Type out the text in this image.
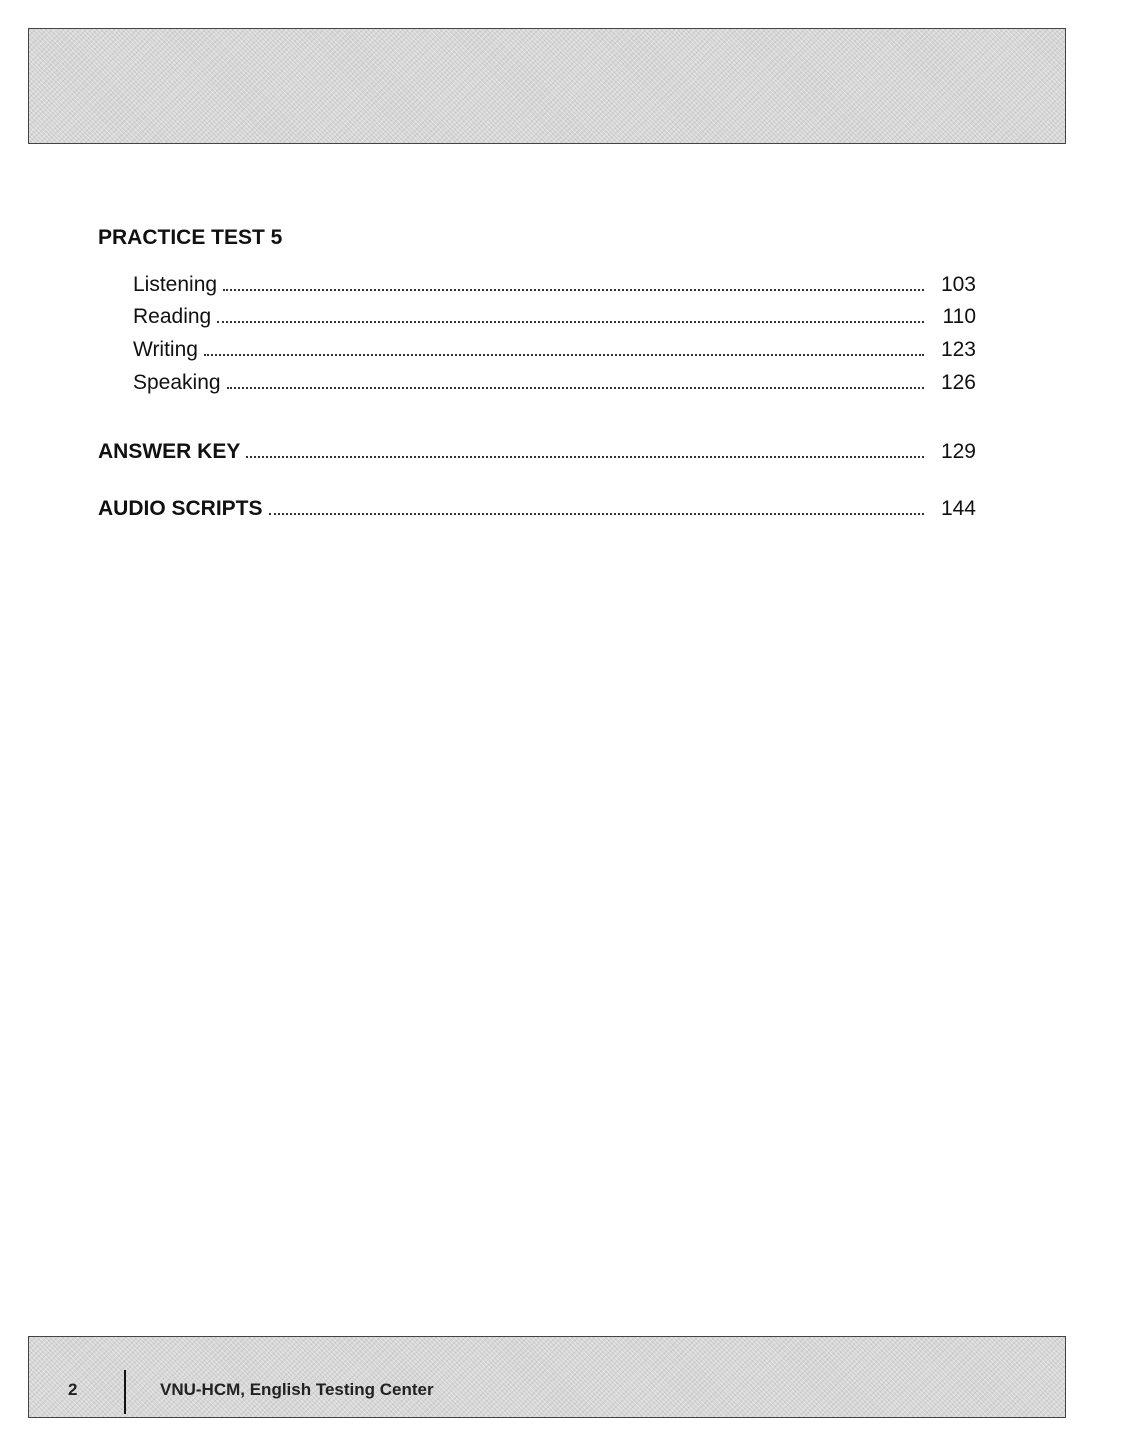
PRACTICE TEST 5
Listening	103
Reading	110
Writing	123
Speaking	126
ANSWER KEY	129
AUDIO SCRIPTS	144
2	VNU-HCM, English Testing Center
